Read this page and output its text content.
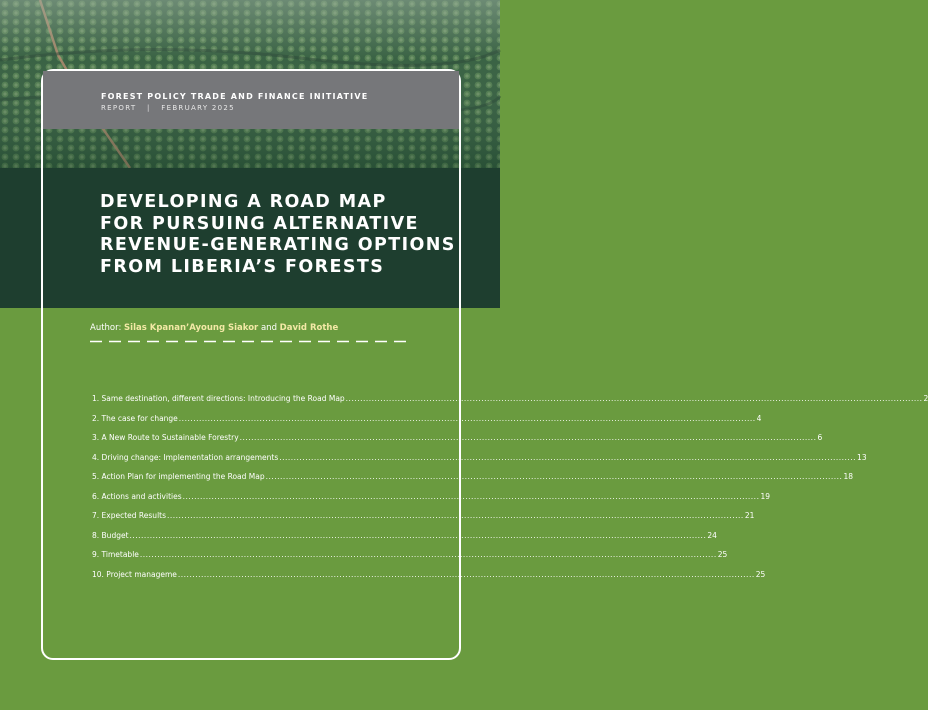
FOREST POLICY TRADE AND FINANCE INITIATIVE

REPORT | FEBRUARY 2025

DEVELOPING A ROAD MAP
FOR PURSUING ALTERNATIVE
REVENUE-GENERATING OPTIONS
FROM LIBERIA’S FORESTS

Author: Silas Kpanan’Ayoung Siakor and David Rothe

1. Same destination, different directions: Introducing the Road Map ........................................................................................................................................................................................................ 2
2. The case for change ........................................................................................................................................................................................................ 4
3. A New Route to Sustainable Forestry ........................................................................................................................................................................................................ 6
4. Driving change: Implementation arrangements ........................................................................................................................................................................................................ 13
5. Action Plan for implementing the Road Map ........................................................................................................................................................................................................ 18
6. Actions and activities ........................................................................................................................................................................................................ 19
7. Expected Results ........................................................................................................................................................................................................ 21
8. Budget ........................................................................................................................................................................................................ 24
9. Timetable ........................................................................................................................................................................................................ 25
10. Project manageme ........................................................................................................................................................................................................ 25
